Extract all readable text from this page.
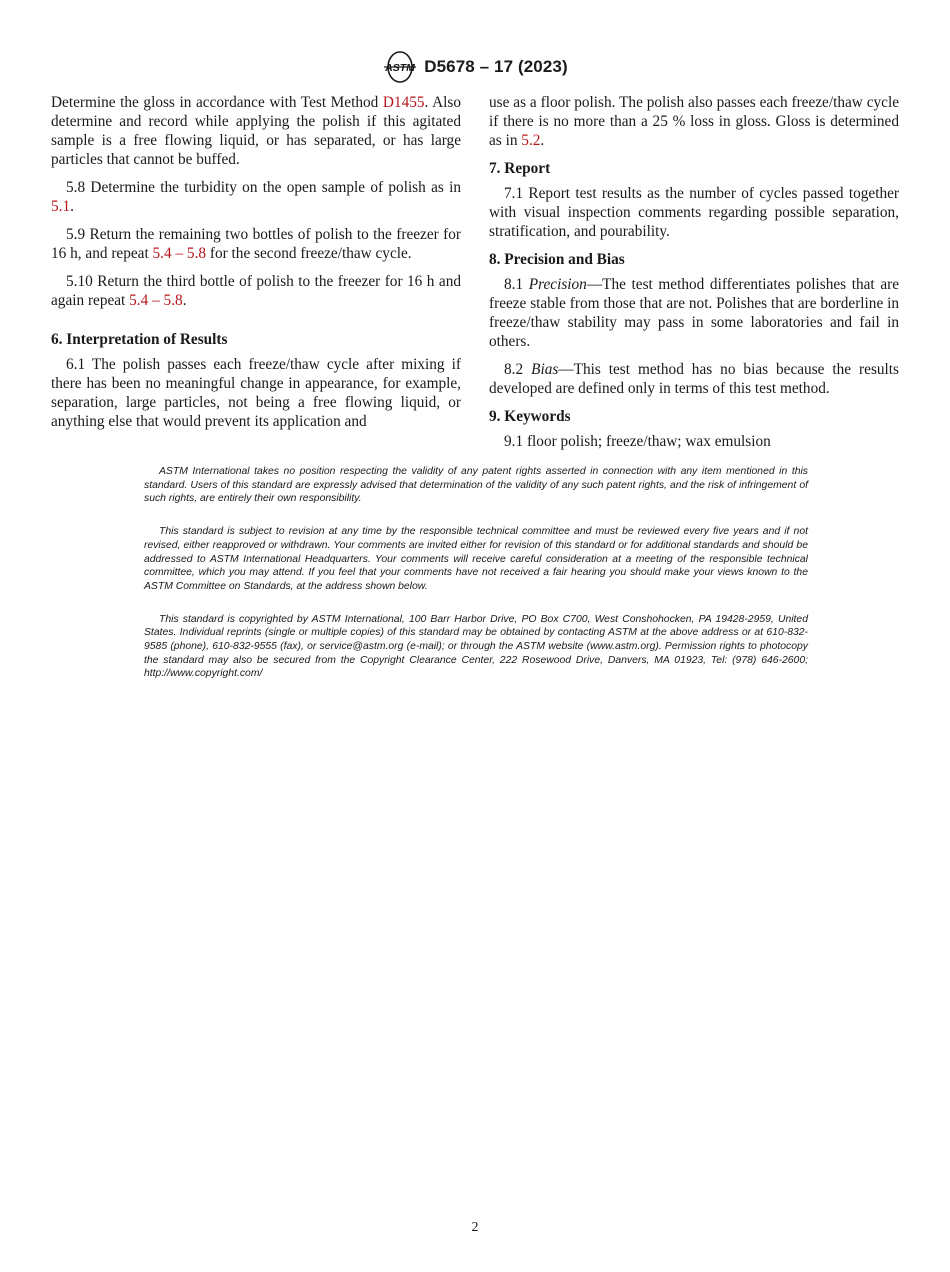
ASTM D5678 – 17 (2023)

Determine the gloss in accordance with Test Method D1455. Also determine and record while applying the polish if this agitated sample is a free flowing liquid, or has separated, or has large particles that cannot be buffed.

5.8 Determine the turbidity on the open sample of polish as in 5.1.

5.9 Return the remaining two bottles of polish to the freezer for 16 h, and repeat 5.4 – 5.8 for the second freeze/thaw cycle.

5.10 Return the third bottle of polish to the freezer for 16 h and again repeat 5.4 – 5.8.

6. Interpretation of Results

6.1 The polish passes each freeze/thaw cycle after mixing if there has been no meaningful change in appearance, for example, separation, large particles, not being a free flowing liquid, or anything else that would prevent its application and

use as a floor polish. The polish also passes each freeze/thaw cycle if there is no more than a 25 % loss in gloss. Gloss is determined as in 5.2.

7. Report

7.1 Report test results as the number of cycles passed together with visual inspection comments regarding possible separation, stratification, and pourability.

8. Precision and Bias

8.1 Precision—The test method differentiates polishes that are freeze stable from those that are not. Polishes that are borderline in freeze/thaw stability may pass in some laboratories and fail in others.

8.2 Bias—This test method has no bias because the results developed are defined only in terms of this test method.

9. Keywords

9.1 floor polish; freeze/thaw; wax emulsion

ASTM International takes no position respecting the validity of any patent rights asserted in connection with any item mentioned in this standard. Users of this standard are expressly advised that determination of the validity of any such patent rights, and the risk of infringement of such rights, are entirely their own responsibility.

This standard is subject to revision at any time by the responsible technical committee and must be reviewed every five years and if not revised, either reapproved or withdrawn. Your comments are invited either for revision of this standard or for additional standards and should be addressed to ASTM International Headquarters. Your comments will receive careful consideration at a meeting of the responsible technical committee, which you may attend. If you feel that your comments have not received a fair hearing you should make your views known to the ASTM Committee on Standards, at the address shown below.

This standard is copyrighted by ASTM International, 100 Barr Harbor Drive, PO Box C700, West Conshohocken, PA 19428-2959, United States. Individual reprints (single or multiple copies) of this standard may be obtained by contacting ASTM at the above address or at 610-832-9585 (phone), 610-832-9555 (fax), or service@astm.org (e-mail); or through the ASTM website (www.astm.org). Permission rights to photocopy the standard may also be secured from the Copyright Clearance Center, 222 Rosewood Drive, Danvers, MA 01923, Tel: (978) 646-2600; http://www.copyright.com/

2
